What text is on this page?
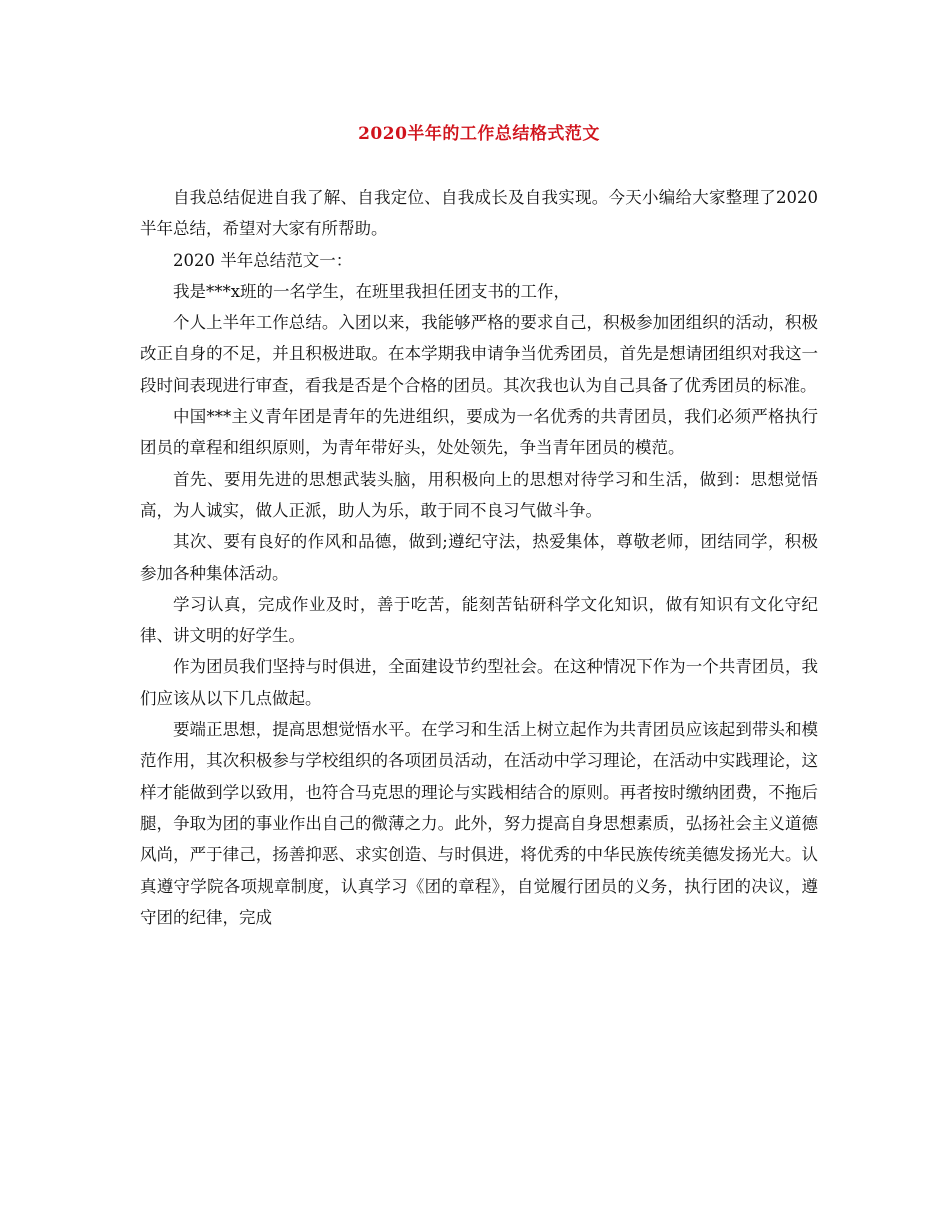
2020半年的工作总结格式范文

自我总结促进自我了解、自我定位、自我成长及自我实现。今天小编给大家整理了2020 半年总结，希望对大家有所帮助。

2020 半年总结范文一：

我是***x班的一名学生，在班里我担任团支书的工作，

个人上半年工作总结。入团以来，我能够严格的要求自己，积极参加团组织的活动，积极改正自身的不足，并且积极进取。在本学期我申请争当优秀团员，首先是想请团组织对我这一段时间表现进行审查，看我是否是个合格的团员。其次我也认为自己具备了优秀团员的标准。

中国***主义青年团是青年的先进组织，要成为一名优秀的共青团员，我们必须严格执行团员的章程和组织原则，为青年带好头，处处领先，争当青年团员的模范。

首先、要用先进的思想武装头脑，用积极向上的思想对待学习和生活，做到：思想觉悟高，为人诚实，做人正派，助人为乐，敢于同不良习气做斗争。

其次、要有良好的作风和品德，做到;遵纪守法，热爱集体，尊敬老师，团结同学，积极参加各种集体活动。

学习认真，完成作业及时，善于吃苦，能刻苦钻研科学文化知识，做有知识有文化守纪律、讲文明的好学生。

作为团员我们坚持与时俱进，全面建设节约型社会。在这种情况下作为一个共青团员，我们应该从以下几点做起。

要端正思想，提高思想觉悟水平。在学习和生活上树立起作为共青团员应该起到带头和模范作用，其次积极参与学校组织的各项团员活动，在活动中学习理论，在活动中实践理论，这样才能做到学以致用，也符合马克思的理论与实践相结合的原则。再者按时缴纳团费，不拖后腿，争取为团的事业作出自己的微薄之力。此外，努力提高自身思想素质，弘扬社会主义道德风尚，严于律己，扬善抑恶、求实创造、与时俱进，将优秀的中华民族传统美德发扬光大。认真遵守学院各项规章制度，认真学习《团的章程》，自觉履行团员的义务，执行团的决议，遵守团的纪律，完成
